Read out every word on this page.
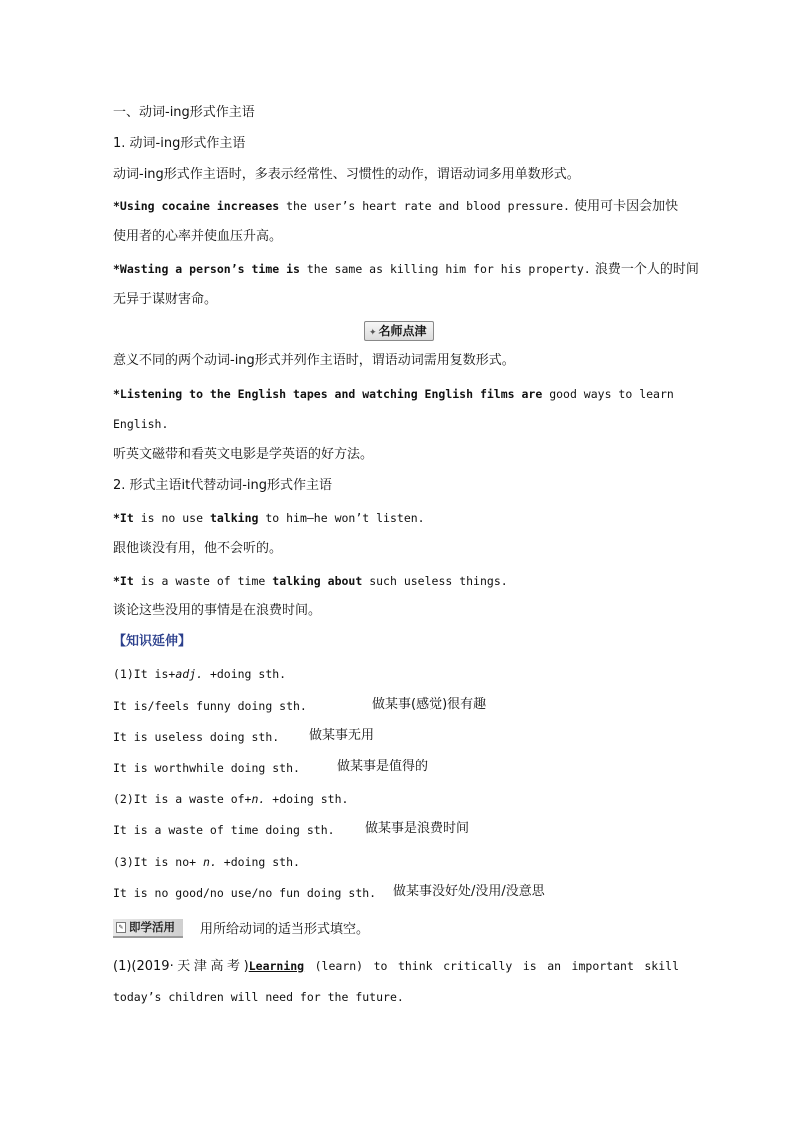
一、动词-ing形式作主语
1. 动词-ing形式作主语
动词-ing形式作主语时，多表示经常性、习惯性的动作，谓语动词多用单数形式。
*Using cocaine increases the user’s heart rate and blood pressure. 使用可卡因会加快
使用者的心率并使血压升高。
*Wasting a person’s time is the same as killing him for his property. 浪费一个人的时间
无异于谋财害命。
✦ 名师点津
意义不同的两个动词-ing形式并列作主语时，谓语动词需用复数形式。
*Listening to the English tapes and watching English films are good ways to learn
English.
听英文磁带和看英文电影是学英语的好方法。
2. 形式主语it代替动词-ing形式作主语
*It is no use talking to him—he won’t listen.
跟他谈没有用，他不会听的。
*It is a waste of time talking about such useless things.
谈论这些没用的事情是在浪费时间。
【知识延伸】
(1)It is+adj. +doing sth.
It is/feels funny doing sth.	做某事(感觉)很有趣
It is useless doing sth. 做某事无用
It is worthwhile doing sth.	做某事是值得的
(2)It is a waste of+n. +doing sth.
It is a waste of time doing sth. 做某事是浪费时间
(3)It is no+ n. +doing sth.
It is no good/no use/no fun doing sth. 做某事没好处/没用/没意思
✎ 即学活用	用所给动词的适当形式填空。
(1)(2019·天津高考)Learning (learn) to think critically is an important skill
today’s children will need for the future.
